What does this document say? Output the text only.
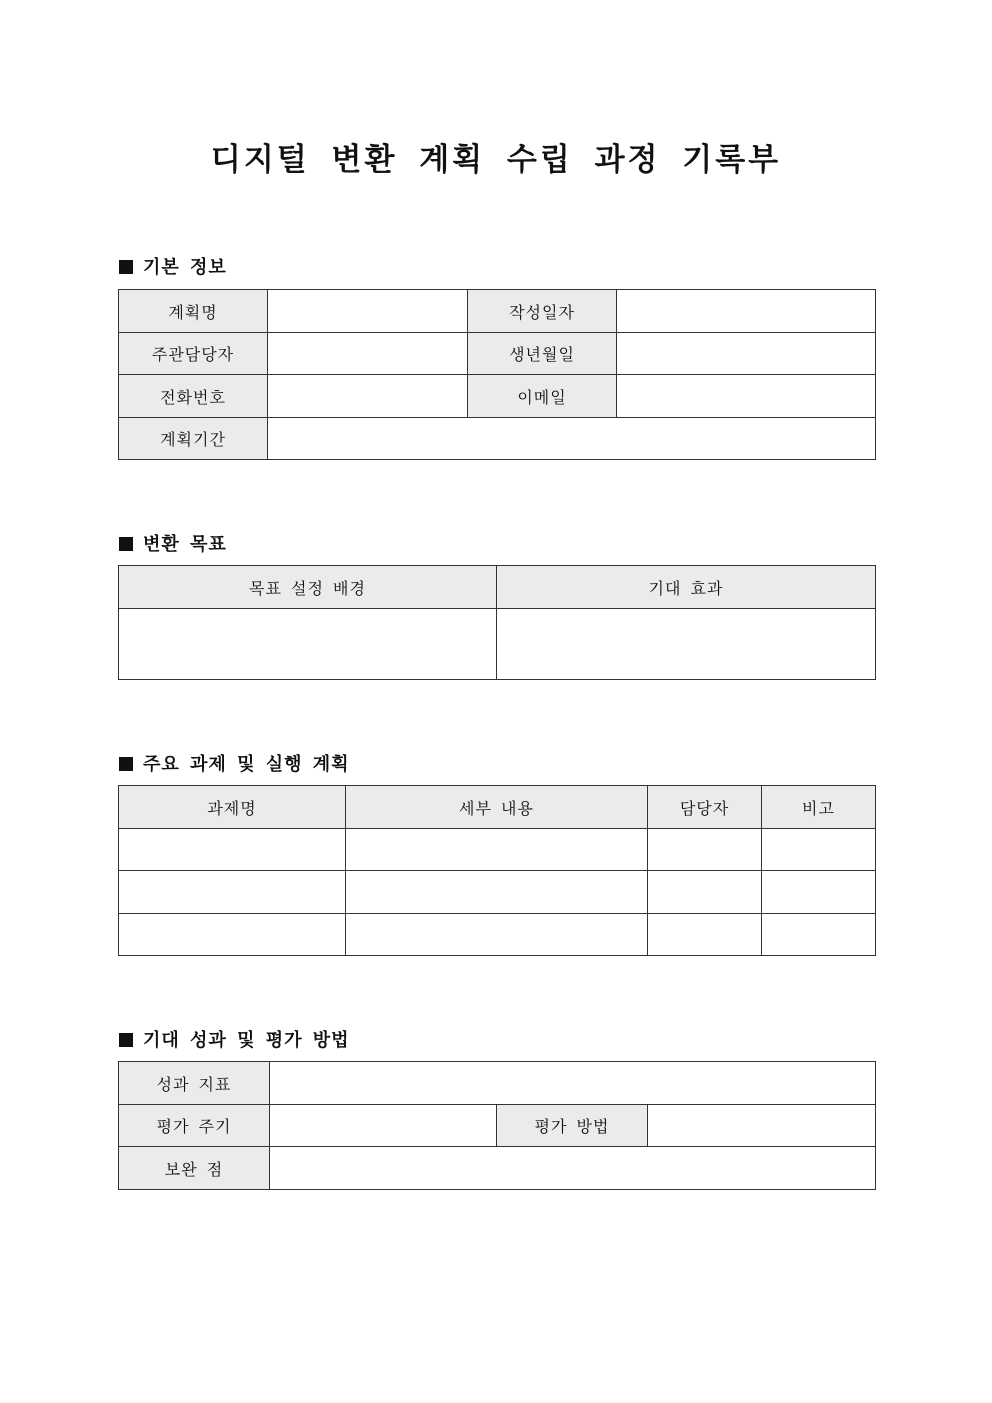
디지털 변환 계획 수립 과정 기록부
기본 정보
계획명		작성일자	
주관담당자		생년월일	
전화번호		이메일	
계획기간			
변환 목표
목표 설정 배경	기대 효과

주요 과제 및 실행 계획
과제명	세부 내용	담당자	비고

기대 성과 및 평가 방법
성과 지표			
평가 주기		평가 방법	
보완 점			
